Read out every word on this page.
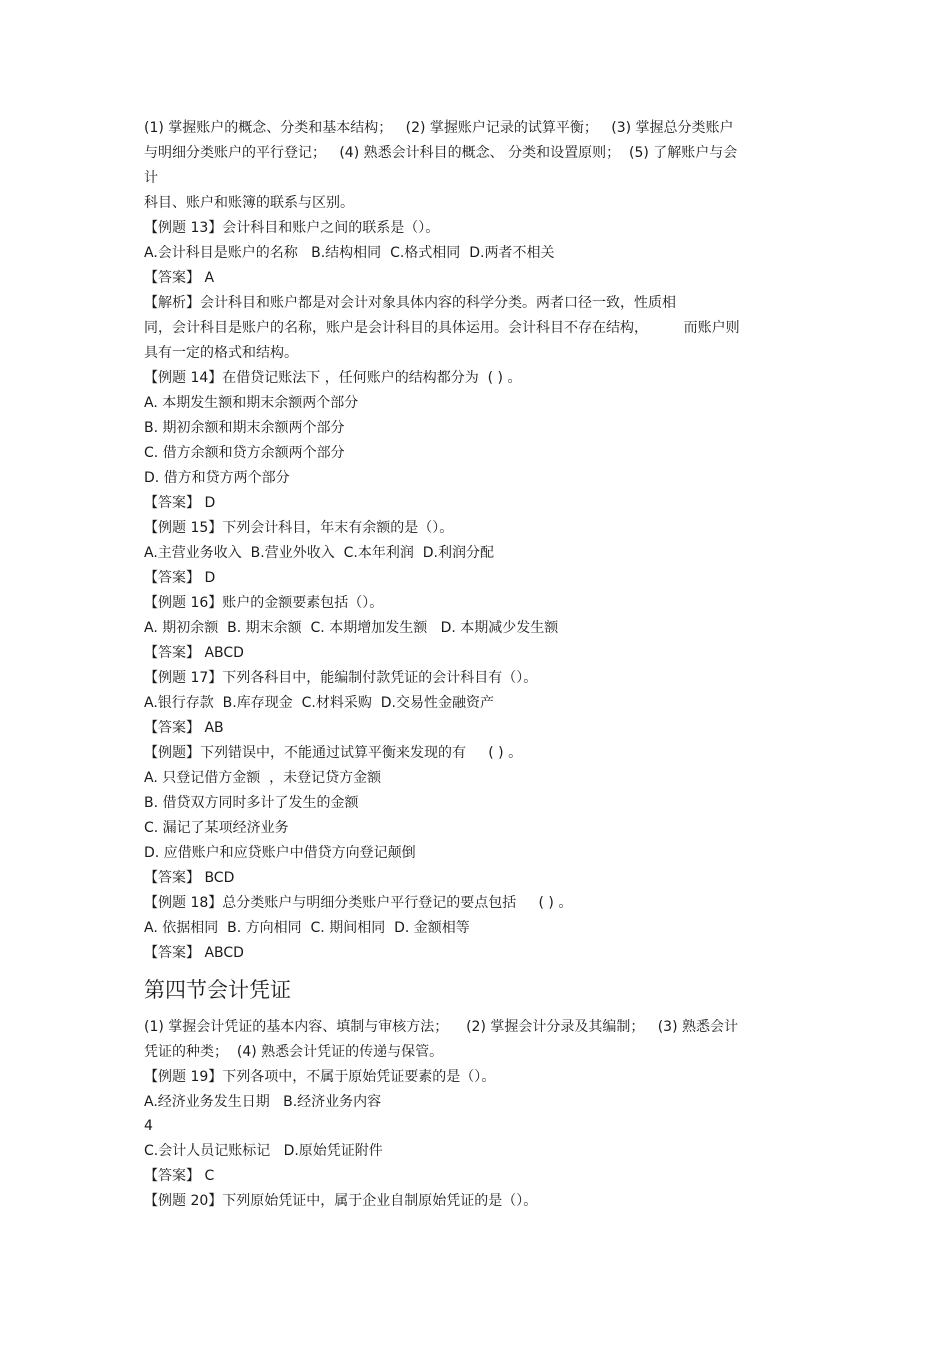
(1) 掌握账户的概念、分类和基本结构；   (2) 掌握账户记录的试算平衡；   (3) 掌握总分类账户
与明细分类账户的平行登记；   (4) 熟悉会计科目的概念、 分类和设置原则；  (5) 了解账户与会
计
科目、账户和账簿的联系与区别。
【例题 13】会计科目和账户之间的联系是（）。
A.会计科目是账户的名称   B.结构相同  C.格式相同  D.两者不相关
【答案】 A
【解析】会计科目和账户都是对会计对象具体内容的科学分类。两者口径一致，性质相
同，会计科目是账户的名称，账户是会计科目的具体运用。会计科目不存在结构，        而账户则
具有一定的格式和结构。
【例题 14】在借贷记账法下 ，任何账户的结构都分为  ( ) 。
A. 本期发生额和期末余额两个部分
B. 期初余额和期末余额两个部分
C. 借方余额和贷方余额两个部分
D. 借方和贷方两个部分
【答案】 D
【例题 15】下列会计科目，年末有余额的是（）。
A.主营业务收入  B.营业外收入  C.本年利润  D.利润分配
【答案】 D
【例题 16】账户的金额要素包括（）。
A. 期初余额  B. 期末余额  C. 本期增加发生额   D. 本期减少发生额
【答案】 ABCD
【例题 17】下列各科目中，能编制付款凭证的会计科目有（）。
A.银行存款  B.库存现金  C.材料采购  D.交易性金融资产
【答案】 AB
【例题】下列错误中，不能通过试算平衡来发现的有     ( ) 。
A. 只登记借方金额  ，未登记贷方金额
B. 借贷双方同时多计了发生的金额
C. 漏记了某项经济业务
D. 应借账户和应贷账户中借贷方向登记颠倒
【答案】 BCD
【例题 18】总分类账户与明细分类账户平行登记的要点包括     ( ) 。
A. 依据相同  B. 方向相同  C. 期间相同  D. 金额相等
【答案】 ABCD
第四节会计凭证
(1) 掌握会计凭证的基本内容、填制与审核方法；    (2) 掌握会计分录及其编制；   (3) 熟悉会计
凭证的种类；  (4) 熟悉会计凭证的传递与保管。
【例题 19】下列各项中，不属于原始凭证要素的是（）。
A.经济业务发生日期   B.经济业务内容
4
C.会计人员记账标记   D.原始凭证附件
【答案】 C
【例题 20】下列原始凭证中，属于企业自制原始凭证的是（）。
